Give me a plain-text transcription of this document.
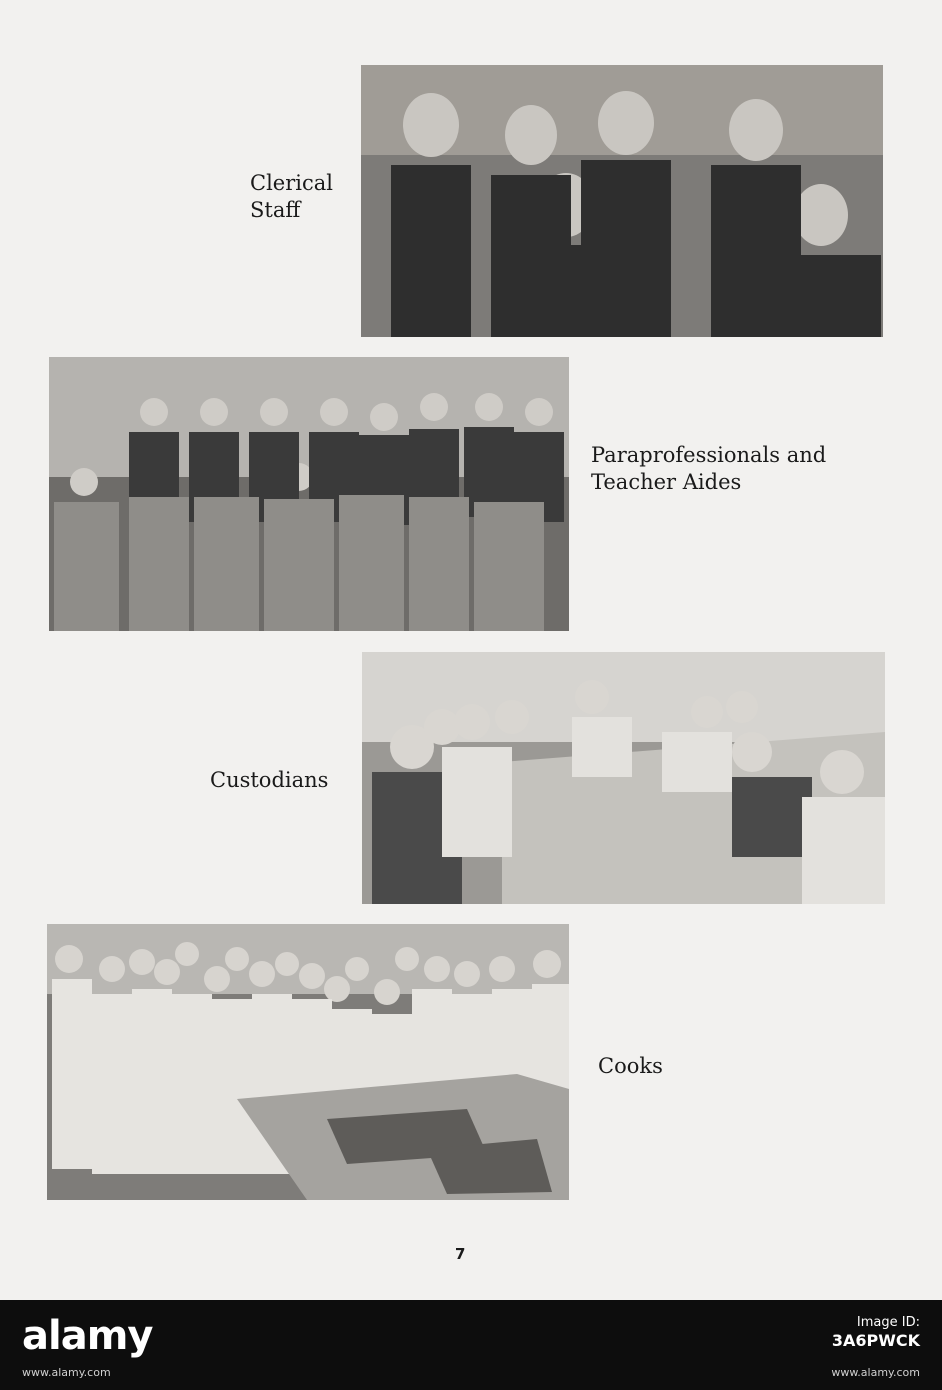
Clerical
Staff
Paraprofessionals and
Teacher Aides
Custodians
Cooks
7
alamy
www.alamy.com
Image ID:
3A6PWCK
www.alamy.com
